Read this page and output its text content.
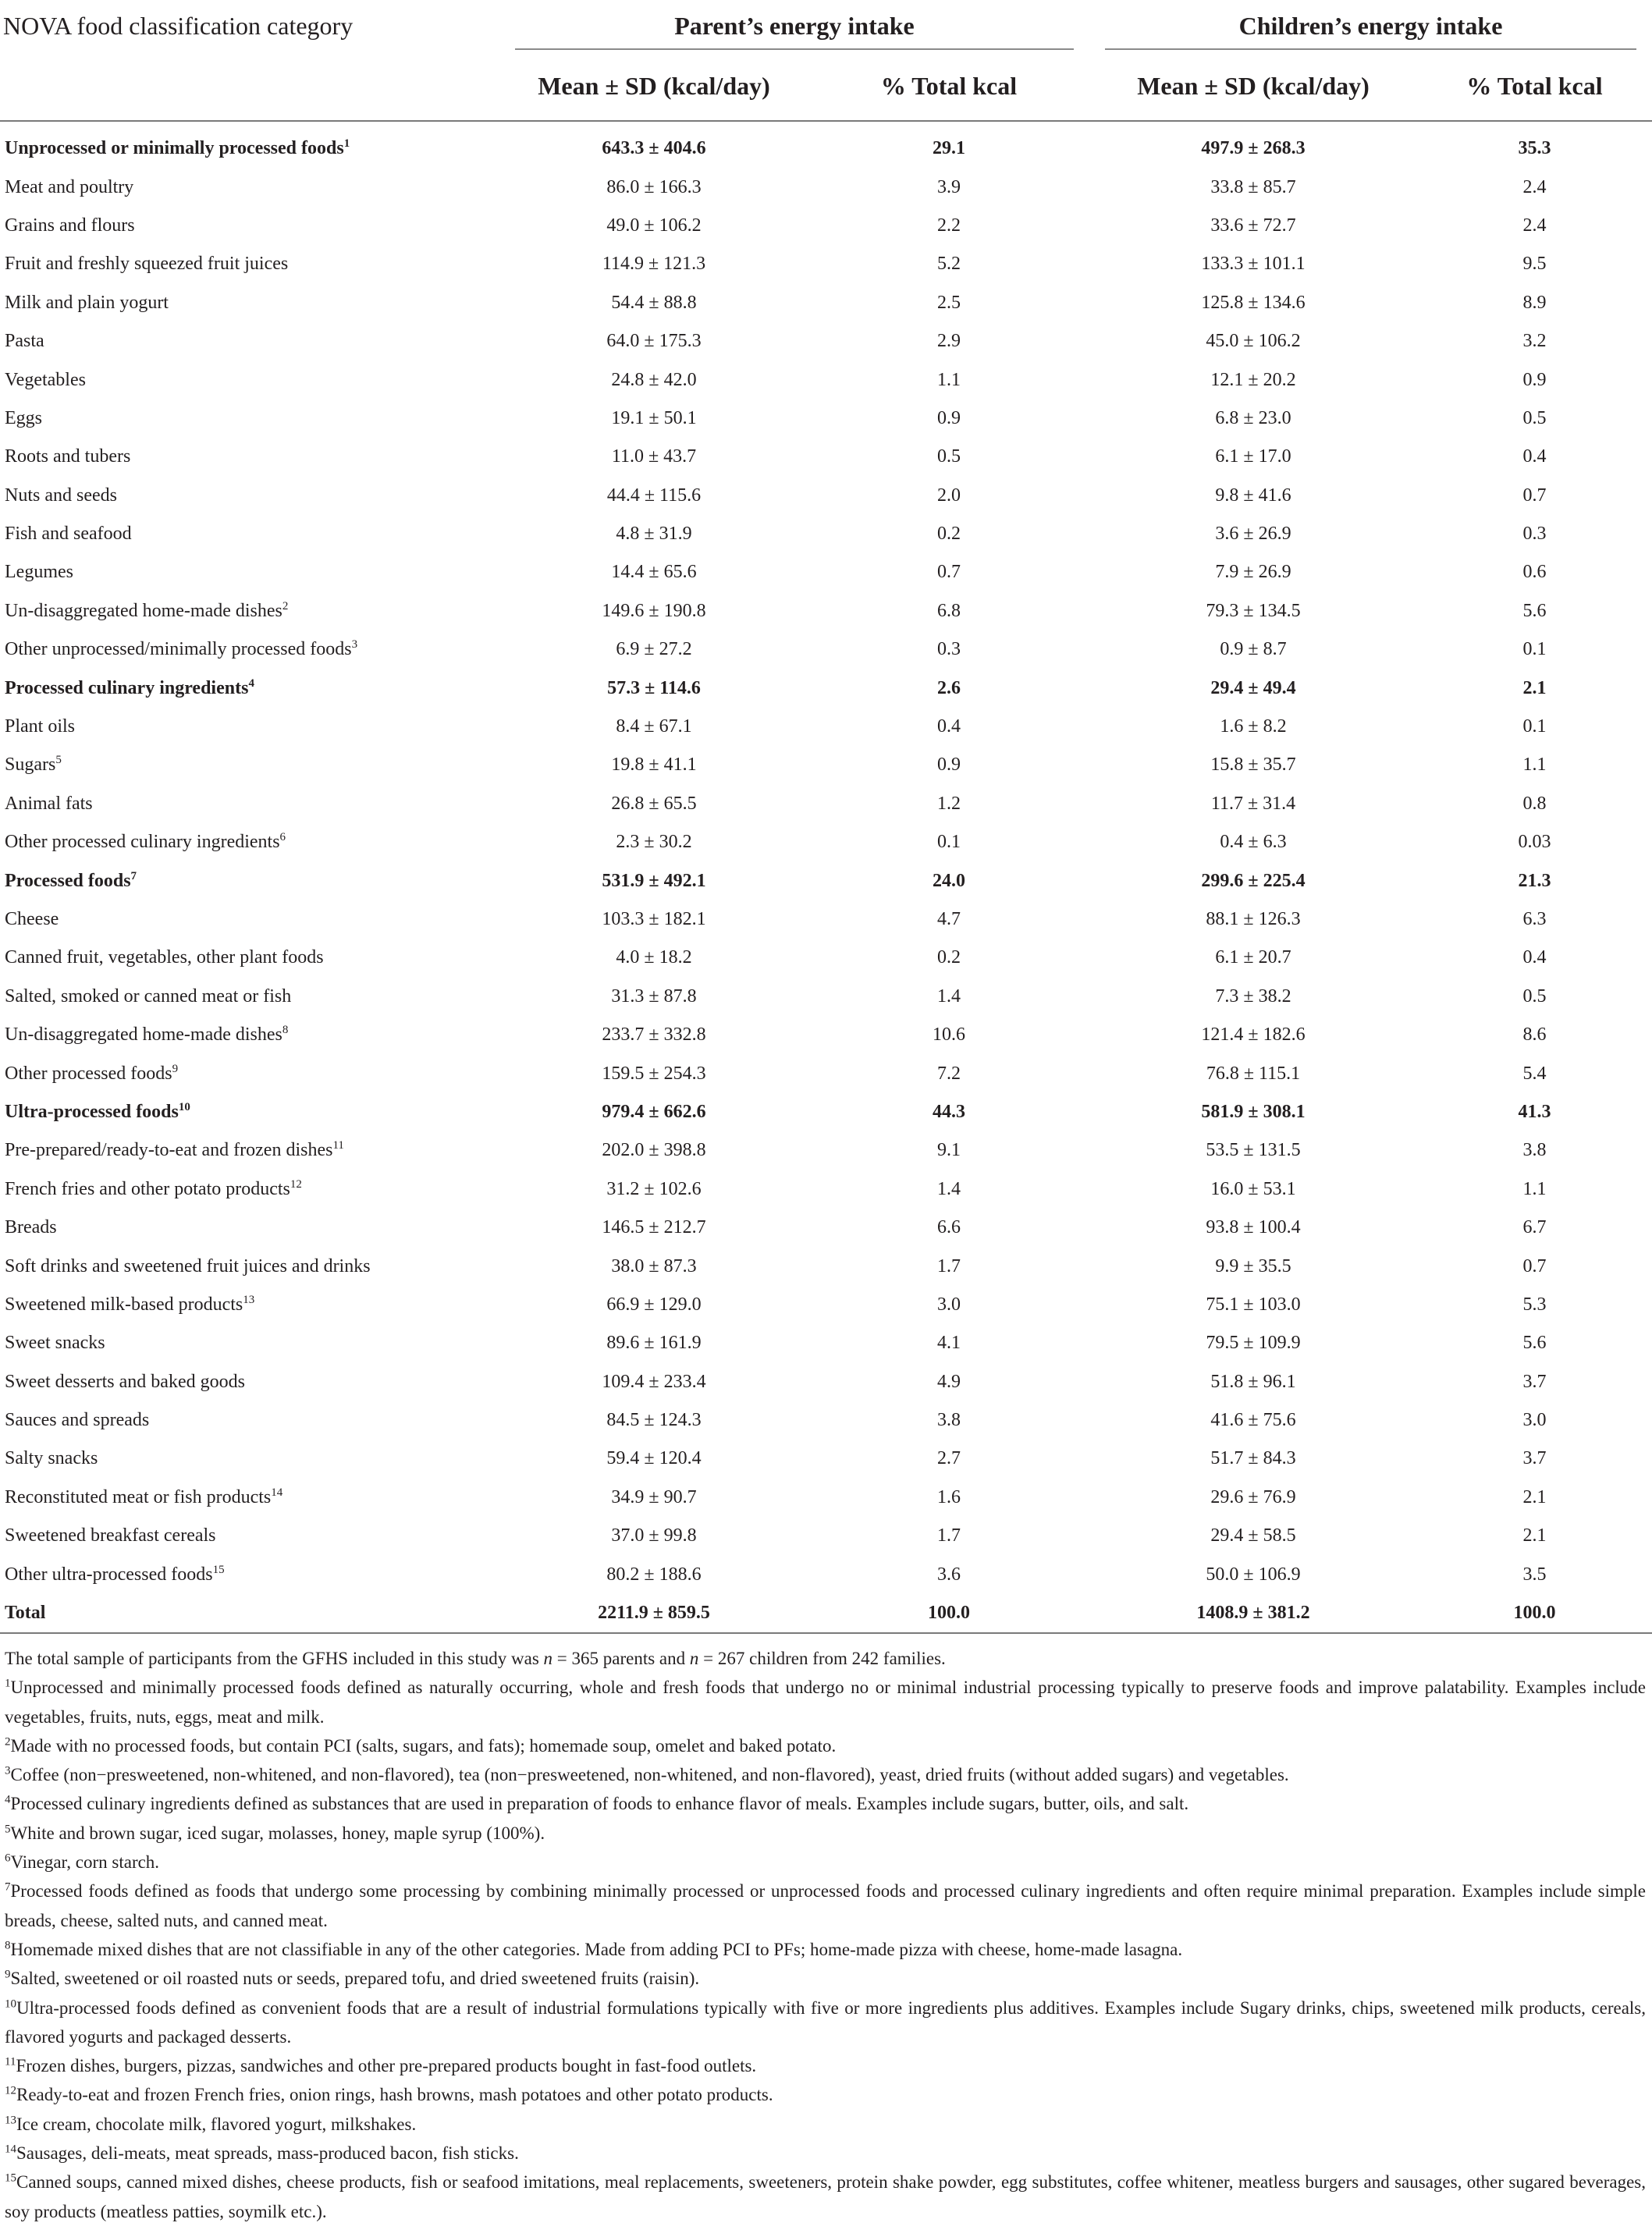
NOVA food classification category	Parent’s energy intake		Children’s energy intake	

	Mean ± SD (kcal/day)	% Total kcal	Mean ± SD (kcal/day)	% Total kcal
Unprocessed or minimally processed foods$^1$	643.3 ± 404.6	29.1	497.9 ± 268.3	35.3
Meat and poultry	86.0 ± 166.3	3.9	33.8 ± 85.7	2.4
Grains and flours	49.0 ± 106.2	2.2	33.6 ± 72.7	2.4
Fruit and freshly squeezed fruit juices	114.9 ± 121.3	5.2	133.3 ± 101.1	9.5
Milk and plain yogurt	54.4 ± 88.8	2.5	125.8 ± 134.6	8.9
Pasta	64.0 ± 175.3	2.9	45.0 ± 106.2	3.2
Vegetables	24.8 ± 42.0	1.1	12.1 ± 20.2	0.9
Eggs	19.1 ± 50.1	0.9	6.8 ± 23.0	0.5
Roots and tubers	11.0 ± 43.7	0.5	6.1 ± 17.0	0.4
Nuts and seeds	44.4 ± 115.6	2.0	9.8 ± 41.6	0.7
Fish and seafood	4.8 ± 31.9	0.2	3.6 ± 26.9	0.3
Legumes	14.4 ± 65.6	0.7	7.9 ± 26.9	0.6
Un-disaggregated home-made dishes$^2$	149.6 ± 190.8	6.8	79.3 ± 134.5	5.6
Other unprocessed/minimally processed foods$^3$	6.9 ± 27.2	0.3	0.9 ± 8.7	0.1
Processed culinary ingredients$^4$	57.3 ± 114.6	2.6	29.4 ± 49.4	2.1
Plant oils	8.4 ± 67.1	0.4	1.6 ± 8.2	0.1
Sugars$^5$	19.8 ± 41.1	0.9	15.8 ± 35.7	1.1
Animal fats	26.8 ± 65.5	1.2	11.7 ± 31.4	0.8
Other processed culinary ingredients$^6$	2.3 ± 30.2	0.1	0.4 ± 6.3	0.03
Processed foods$^7$	531.9 ± 492.1	24.0	299.6 ± 225.4	21.3
Cheese	103.3 ± 182.1	4.7	88.1 ± 126.3	6.3
Canned fruit, vegetables, other plant foods	4.0 ± 18.2	0.2	6.1 ± 20.7	0.4
Salted, smoked or canned meat or fish	31.3 ± 87.8	1.4	7.3 ± 38.2	0.5
Un-disaggregated home-made dishes$^8$	233.7 ± 332.8	10.6	121.4 ± 182.6	8.6
Other processed foods$^9$	159.5 ± 254.3	7.2	76.8 ± 115.1	5.4
Ultra-processed foods$^{10}$	979.4 ± 662.6	44.3	581.9 ± 308.1	41.3
Pre-prepared/ready-to-eat and frozen dishes$^{11}$	202.0 ± 398.8	9.1	53.5 ± 131.5	3.8
French fries and other potato products$^{12}$	31.2 ± 102.6	1.4	16.0 ± 53.1	1.1
Breads	146.5 ± 212.7	6.6	93.8 ± 100.4	6.7
Soft drinks and sweetened fruit juices and drinks	38.0 ± 87.3	1.7	9.9 ± 35.5	0.7
Sweetened milk-based products$^{13}$	66.9 ± 129.0	3.0	75.1 ± 103.0	5.3
Sweet snacks	89.6 ± 161.9	4.1	79.5 ± 109.9	5.6
Sweet desserts and baked goods	109.4 ± 233.4	4.9	51.8 ± 96.1	3.7
Sauces and spreads	84.5 ± 124.3	3.8	41.6 ± 75.6	3.0
Salty snacks	59.4 ± 120.4	2.7	51.7 ± 84.3	3.7
Reconstituted meat or fish products$^{14}$	34.9 ± 90.7	1.6	29.6 ± 76.9	2.1
Sweetened breakfast cereals	37.0 ± 99.8	1.7	29.4 ± 58.5	2.1
Other ultra-processed foods$^{15}$	80.2 ± 188.6	3.6	50.0 ± 106.9	3.5
Total	2211.9 ± 859.5	100.0	1408.9 ± 381.2	100.0

The total sample of participants from the GFHS included in this study was n = 365 parents and n = 267 children from 242 families.

$^1$Unprocessed and minimally processed foods defined as naturally occurring, whole and fresh foods that undergo no or minimal industrial processing typically to preserve foods and improve palatability. Examples include vegetables, fruits, nuts, eggs, meat and milk.

$^2$Made with no processed foods, but contain PCI (salts, sugars, and fats); homemade soup, omelet and baked potato.

$^3$Coffee (non−presweetened, non-whitened, and non-flavored), tea (non−presweetened, non-whitened, and non-flavored), yeast, dried fruits (without added sugars) and vegetables.

$^4$Processed culinary ingredients defined as substances that are used in preparation of foods to enhance flavor of meals. Examples include sugars, butter, oils, and salt.

$^5$White and brown sugar, iced sugar, molasses, honey, maple syrup (100%).

$^6$Vinegar, corn starch.

$^7$Processed foods defined as foods that undergo some processing by combining minimally processed or unprocessed foods and processed culinary ingredients and often require minimal preparation. Examples include simple breads, cheese, salted nuts, and canned meat.

$^8$Homemade mixed dishes that are not classifiable in any of the other categories. Made from adding PCI to PFs; home-made pizza with cheese, home-made lasagna.

$^9$Salted, sweetened or oil roasted nuts or seeds, prepared tofu, and dried sweetened fruits (raisin).

$^{10}$Ultra-processed foods defined as convenient foods that are a result of industrial formulations typically with five or more ingredients plus additives. Examples include Sugary drinks, chips, sweetened milk products, cereals, flavored yogurts and packaged desserts.

$^{11}$Frozen dishes, burgers, pizzas, sandwiches and other pre-prepared products bought in fast-food outlets.

$^{12}$Ready-to-eat and frozen French fries, onion rings, hash browns, mash potatoes and other potato products.

$^{13}$Ice cream, chocolate milk, flavored yogurt, milkshakes.

$^{14}$Sausages, deli-meats, meat spreads, mass-produced bacon, fish sticks.

$^{15}$Canned soups, canned mixed dishes, cheese products, fish or seafood imitations, meal replacements, sweeteners, protein shake powder, egg substitutes, coffee whitener, meatless burgers and sausages, other sugared beverages, soy products (meatless patties, soymilk etc.).
